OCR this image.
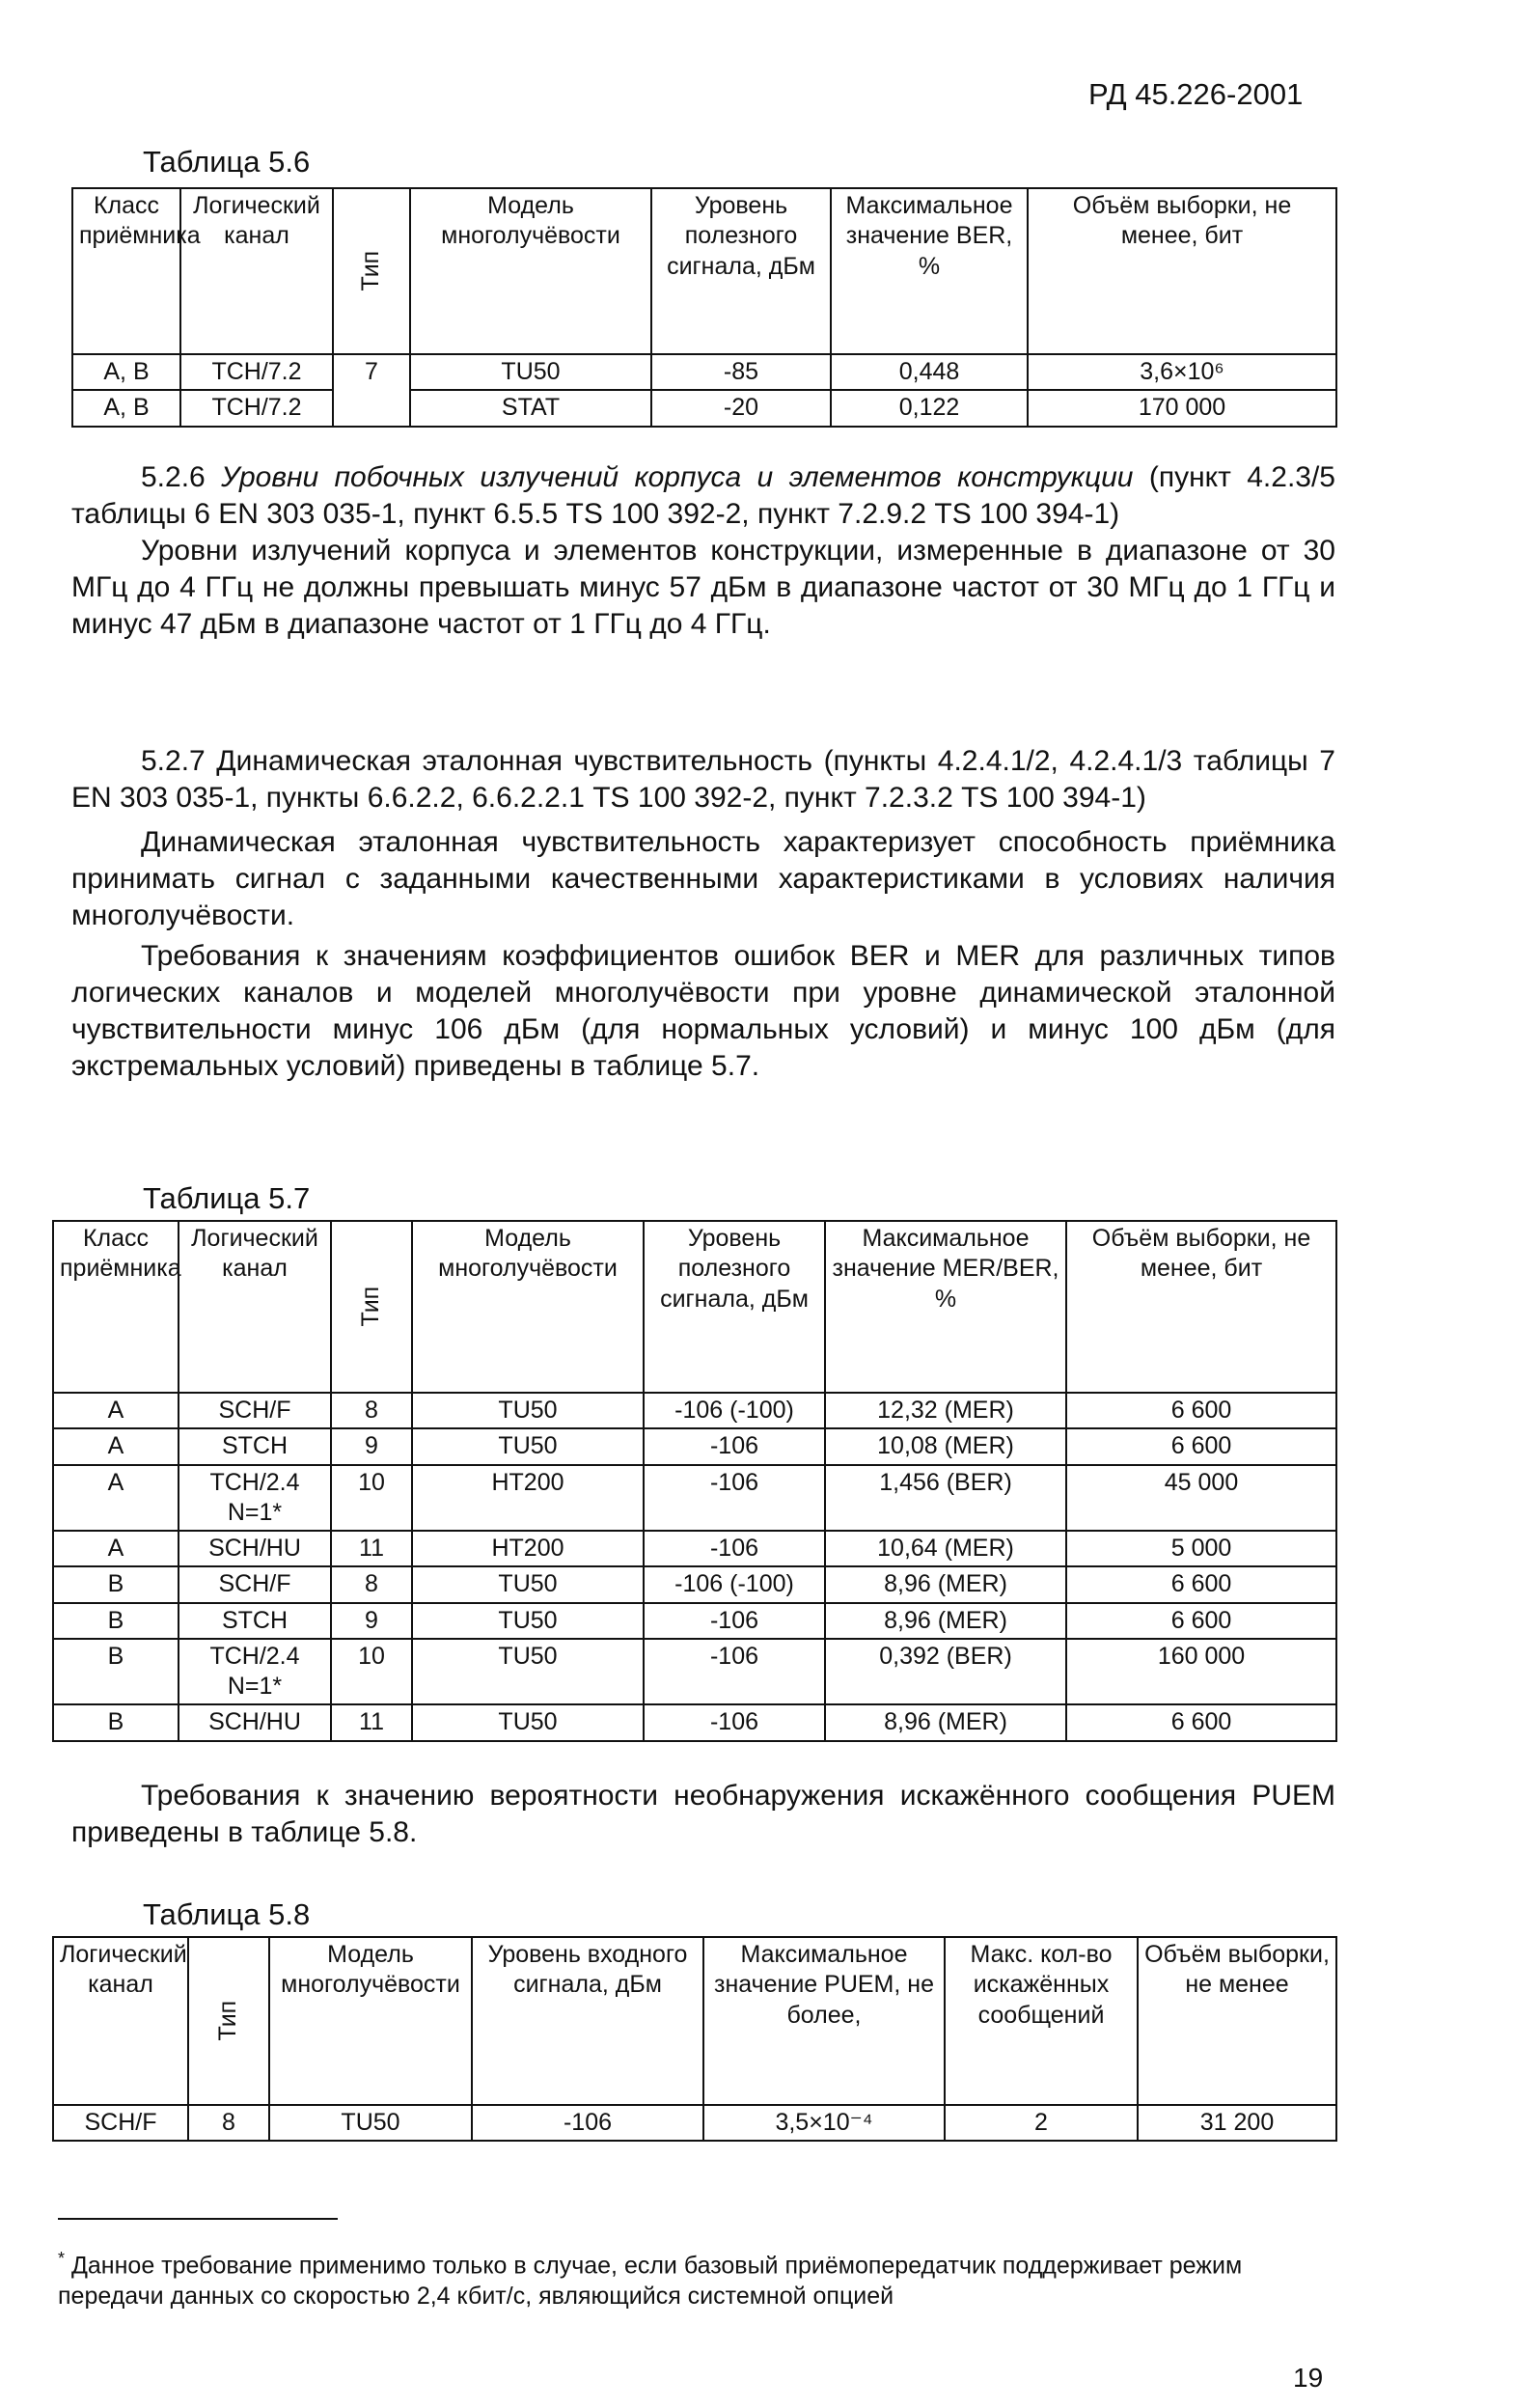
РД 45.226-2001
Таблица 5.6
Класс приёмника	Логический канал	Тип	Модель многолучёвости	Уровень полезного сигнала, дБм	Максимальное значение BER, %	Объём выборки, не менее, бит
A, B	TCH/7.2	7	TU50	-85	0,448	3,6×10⁶
A, B	TCH/7.2		STAT	-20	0,122	170 000

5.2.6 Уровни побочных излучений корпуса и элементов конструкции (пункт 4.2.3/5 таблицы 6 EN 303 035-1, пункт 6.5.5 TS 100 392-2, пункт 7.2.9.2 TS 100 394-1)

Уровни излучений корпуса и элементов конструкции, измеренные в диапазоне от 30 МГц до 4 ГГц не должны превышать минус 57 дБм в диапазоне частот от 30 МГц до 1 ГГц и минус 47 дБм в диапазоне частот от 1 ГГц до 4 ГГц.

5.2.7 Динамическая эталонная чувствительность (пункты 4.2.4.1/2, 4.2.4.1/3 таблицы 7 EN 303 035-1, пункты 6.6.2.2, 6.6.2.2.1 TS 100 392-2, пункт 7.2.3.2 TS 100 394-1)

Динамическая эталонная чувствительность характеризует способность приёмника принимать сигнал с заданными качественными характеристиками в условиях наличия многолучёвости.

Требования к значениям коэффициентов ошибок BER и MER для различных типов логических каналов и моделей многолучёвости при уровне динамической эталонной чувствительности минус 106 дБм (для нормальных условий) и минус 100 дБм (для экстремальных условий) приведены в таблице 5.7.

Таблица 5.7
Класс приёмника	Логический канал	Тип	Модель многолучёвости	Уровень полезного сигнала, дБм	Максимальное значение MER/BER, %	Объём выборки, не менее, бит
A	SCH/F	8	TU50	-106 (-100)	12,32 (MER)	6 600
A	STCH	9	TU50	-106	10,08 (MER)	6 600
A	TCH/2.4 N=1*	10	HT200	-106	1,456 (BER)	45 000
A	SCH/HU	11	HT200	-106	10,64 (MER)	5 000
B	SCH/F	8	TU50	-106 (-100)	8,96 (MER)	6 600
B	STCH	9	TU50	-106	8,96 (MER)	6 600
B	TCH/2.4 N=1*	10	TU50	-106	0,392 (BER)	160 000
B	SCH/HU	11	TU50	-106	8,96 (MER)	6 600

Требования к значению вероятности необнаружения искажённого сообщения PUEM приведены в таблице 5.8.

Таблица 5.8
Логический канал	Тип	Модель многолучёвости	Уровень входного сигнала, дБм	Максимальное значение PUEM, не более,	Макс. кол-во искажённых сообщений	Объём выборки, не менее
SCH/F	8	TU50	-106	3,5×10⁻⁴	2	31 200
* Данное требование применимо только в случае, если базовый приёмопередатчик поддерживает режим передачи данных со скоростью 2,4 кбит/с, являющийся системной опцией
19
